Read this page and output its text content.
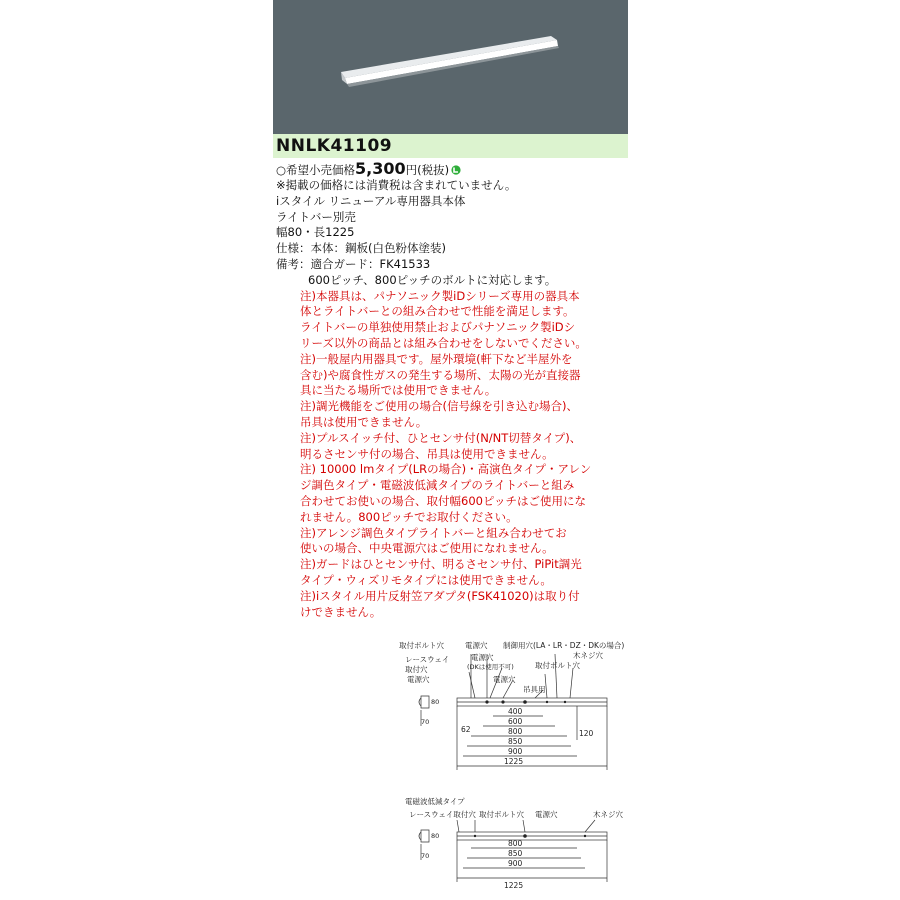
NNLK41109
○希望小売価格5,300円(税抜)
※掲載の価格には消費税は含まれていません。
iスタイル リニューアル専用器具本体
ライトバー別売
幅80・長1225
仕様：本体：鋼板(白色粉体塗装)
備考：適合ガード：FK41533
600ピッチ、800ピッチのボルトに対応します。
注)本器具は、パナソニック製iDシリーズ専用の器具本
体とライトバーとの組み合わせで性能を満足します。
ライトバーの単独使用禁止およびパナソニック製iDシ
リーズ以外の商品とは組み合わせをしないでください。
注)一般屋内用器具です。屋外環境(軒下など半屋外を
含む)や腐食性ガスの発生する場所、太陽の光が直接器
具に当たる場所では使用できません。
注)調光機能をご使用の場合(信号線を引き込む場合)、
吊具は使用できません。
注)プルスイッチ付、ひとセンサ付(N/NT切替タイプ)、
明るさセンサ付の場合、吊具は使用できません。
注) 10000 lmタイプ(LRの場合)・高演色タイプ・アレン
ジ調色タイプ・電磁波低減タイプのライトバーと組み
合わせてお使いの場合、取付幅600ピッチはご使用にな
れません。800ピッチでお取付ください。
注)アレンジ調色タイプライトバーと組み合わせてお
使いの場合、中央電源穴はご使用になれません。
注)ガードはひとセンサ付、明るさセンサ付、PiPit調光
タイプ・ウィズリモタイプには使用できません。
注)iスタイル用片反射笠アダプタ(FSK41020)は取り付
けできません。
取付ボルト穴	電源穴 制御用穴(LA・LR・DZ・DKの場合)
レースウェイ
取付穴
電源穴
(DKは使用不可)
木ネジ穴
取付ボルト穴
電源穴	電源穴
吊具用
400
600
800
850
900
1225
62	120
80
70
電磁波低減タイプ
レースウェイ取付穴 取付ボルト穴 電源穴	木ネジ穴
800
850
900
1225
80
70
